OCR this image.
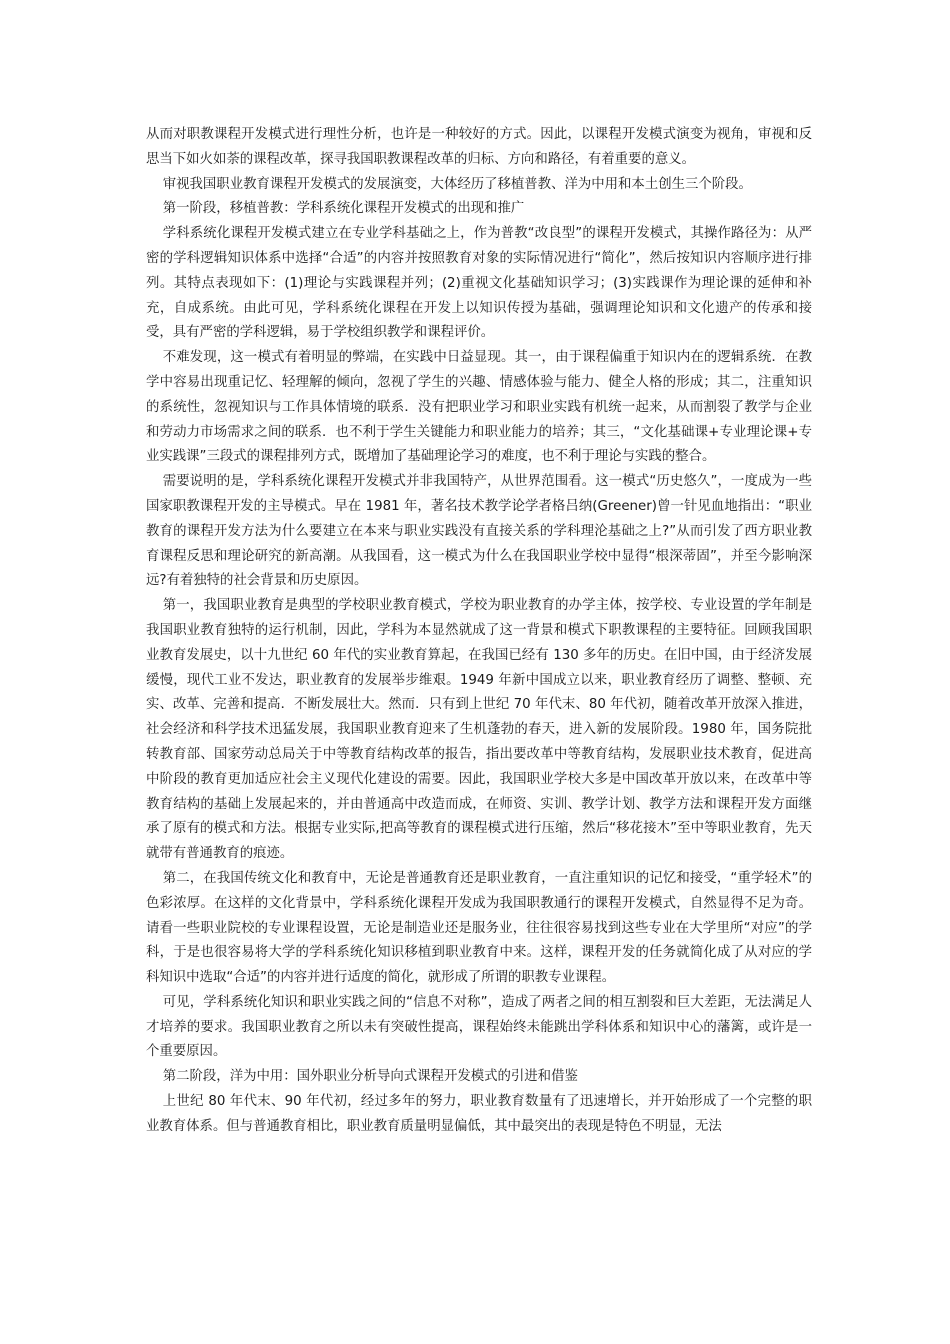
从而对职教课程开发模式进行理性分析，也许是一种较好的方式。因此，以课程开发模式演变为视角，审视和反思当下如火如荼的课程改革，探寻我国职教课程改革的归标、方向和路径，有着重要的意义。

审视我国职业教育课程开发模式的发展演变，大体经历了移植普教、洋为中用和本土创生三个阶段。

第一阶段，移植普教：学科系统化课程开发模式的出现和推广

学科系统化课程开发模式建立在专业学科基础之上，作为普教“改良型”的课程开发模式，其操作路径为：从严密的学科逻辑知识体系中选择“合适”的内容并按照教育对象的实际情况进行“简化”，然后按知识内容顺序进行排列。其特点表现如下：(1)理论与实践课程并列；(2)重视文化基础知识学习；(3)实践课作为理论课的延伸和补充，自成系统。由此可见，学科系统化课程在开发上以知识传授为基础，强调理论知识和文化遗产的传承和接受，具有严密的学科逻辑，易于学校组织教学和课程评价。

不难发现，这一模式有着明显的弊端，在实践中日益显现。其一，由于课程偏重于知识内在的逻辑系统．在教学中容易出现重记忆、轻理解的倾向，忽视了学生的兴趣、情感体验与能力、健全人格的形成；其二，注重知识的系统性，忽视知识与工作具体情境的联系．没有把职业学习和职业实践有机统一起来，从而割裂了教学与企业和劳动力市场需求之间的联系．也不利于学生关键能力和职业能力的培养；其三，“文化基础课+专业理论课+专业实践课”三段式的课程排列方式，既增加了基础理论学习的难度，也不利于理论与实践的整合。

需要说明的是，学科系统化课程开发模式并非我国特产，从世界范围看。这一模式“历史悠久”，一度成为一些国家职教课程开发的主导模式。早在 1981 年，著名技术教学论学者格吕纳(Greener)曾一针见血地指出：“职业教育的课程开发方法为什么要建立在本来与职业实践没有直接关系的学科理沦基础之上?”从而引发了西方职业教育课程反思和理论研究的新高潮。从我国看，这一模式为什么在我国职业学校中显得“根深蒂固”，并至今影响深远?有着独特的社会背景和历史原因。

第一，我国职业教育是典型的学校职业教育模式，学校为职业教育的办学主体，按学校、专业设置的学年制是我国职业教育独特的运行机制，因此，学科为本显然就成了这一背景和模式下职教课程的主要特征。回顾我国职业教育发展史，以十九世纪 60 年代的实业教育算起，在我国已经有 130 多年的历史。在旧中国，由于经济发展缓慢，现代工业不发达，职业教育的发展举步维艰。1949 年新中国成立以来，职业教育经历了调整、整顿、充实、改革、完善和提高．不断发展壮大。然而．只有到上世纪 70 年代末、80 年代初，随着改革开放深入推进，社会经济和科学技术迅猛发展，我国职业教育迎来了生机蓬勃的春天，进入新的发展阶段。1980 年，国务院批转教育部、国家劳动总局关于中等教育结构改革的报告，指出要改革中等教育结构，发展职业技术教育，促进高中阶段的教育更加适应社会主义现代化建设的需要。因此，我国职业学校大多是中国改革开放以来，在改革中等教育结构的基础上发展起来的，并由普通高中改造而成，在师资、实训、教学计划、教学方法和课程开发方面继承了原有的模式和方法。根据专业实际,把高等教育的课程模式进行压缩，然后“移花接木”至中等职业教育，先天就带有普通教育的痕迹。

第二，在我国传统文化和教育中，无论是普通教育还是职业教育，一直注重知识的记忆和接受，“重学轻术”的色彩浓厚。在这样的文化背景中，学科系统化课程开发成为我国职教通行的课程开发模式，自然显得不足为奇。请看一些职业院校的专业课程设置，无论是制造业还是服务业，往往很容易找到这些专业在大学里所“对应”的学科，于是也很容易将大学的学科系统化知识移植到职业教育中来。这样，课程开发的任务就简化成了从对应的学科知识中选取“合适”的内容并进行适度的简化，就形成了所谓的职教专业课程。

可见，学科系统化知识和职业实践之间的“信息不对称”，造成了两者之间的相互割裂和巨大差距，无法满足人才培养的要求。我国职业教育之所以未有突破性提高，课程始终未能跳出学科体系和知识中心的藩篱，或许是一个重要原因。

第二阶段，洋为中用：国外职业分析导向式课程开发模式的引进和借鉴

上世纪 80 年代末、90 年代初，经过多年的努力，职业教育数量有了迅速增长，并开始形成了一个完整的职业教育体系。但与普通教育相比，职业教育质量明显偏低，其中最突出的表现是特色不明显，无法
